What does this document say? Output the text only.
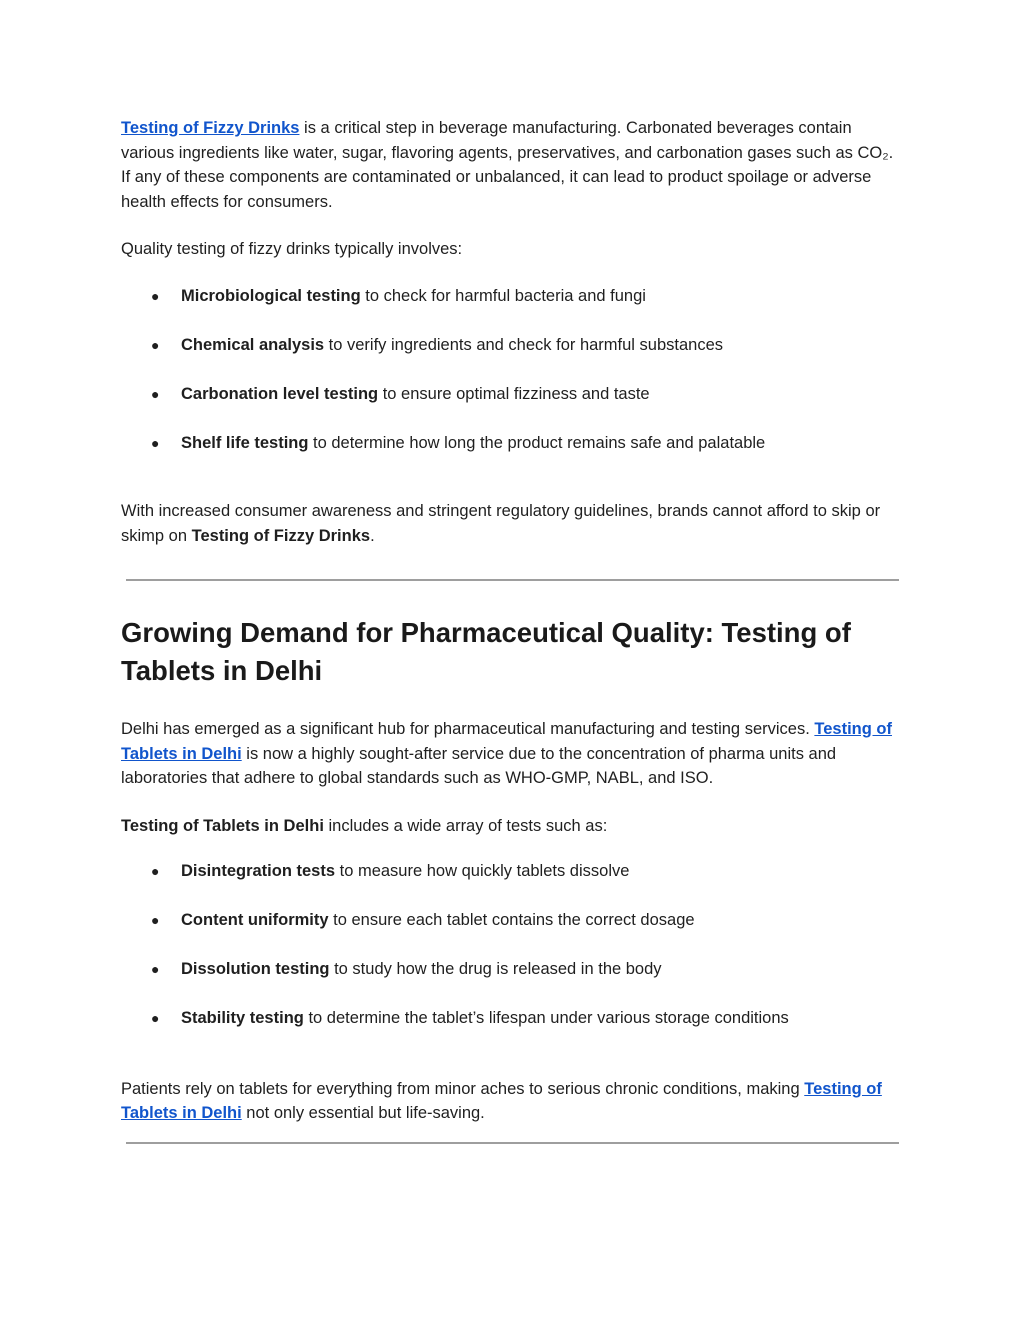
Testing of Fizzy Drinks is a critical step in beverage manufacturing. Carbonated beverages contain various ingredients like water, sugar, flavoring agents, preservatives, and carbonation gases such as CO₂. If any of these components are contaminated or unbalanced, it can lead to product spoilage or adverse health effects for consumers.

Quality testing of fizzy drinks typically involves:

● Microbiological testing to check for harmful bacteria and fungi
● Chemical analysis to verify ingredients and check for harmful substances
● Carbonation level testing to ensure optimal fizziness and taste
● Shelf life testing to determine how long the product remains safe and palatable

With increased consumer awareness and stringent regulatory guidelines, brands cannot afford to skip or skimp on Testing of Fizzy Drinks.

Growing Demand for Pharmaceutical Quality: Testing of Tablets in Delhi

Delhi has emerged as a significant hub for pharmaceutical manufacturing and testing services. Testing of Tablets in Delhi is now a highly sought-after service due to the concentration of pharma units and laboratories that adhere to global standards such as WHO-GMP, NABL, and ISO.

Testing of Tablets in Delhi includes a wide array of tests such as:

● Disintegration tests to measure how quickly tablets dissolve
● Content uniformity to ensure each tablet contains the correct dosage
● Dissolution testing to study how the drug is released in the body
● Stability testing to determine the tablet’s lifespan under various storage conditions

Patients rely on tablets for everything from minor aches to serious chronic conditions, making Testing of Tablets in Delhi not only essential but life-saving.
